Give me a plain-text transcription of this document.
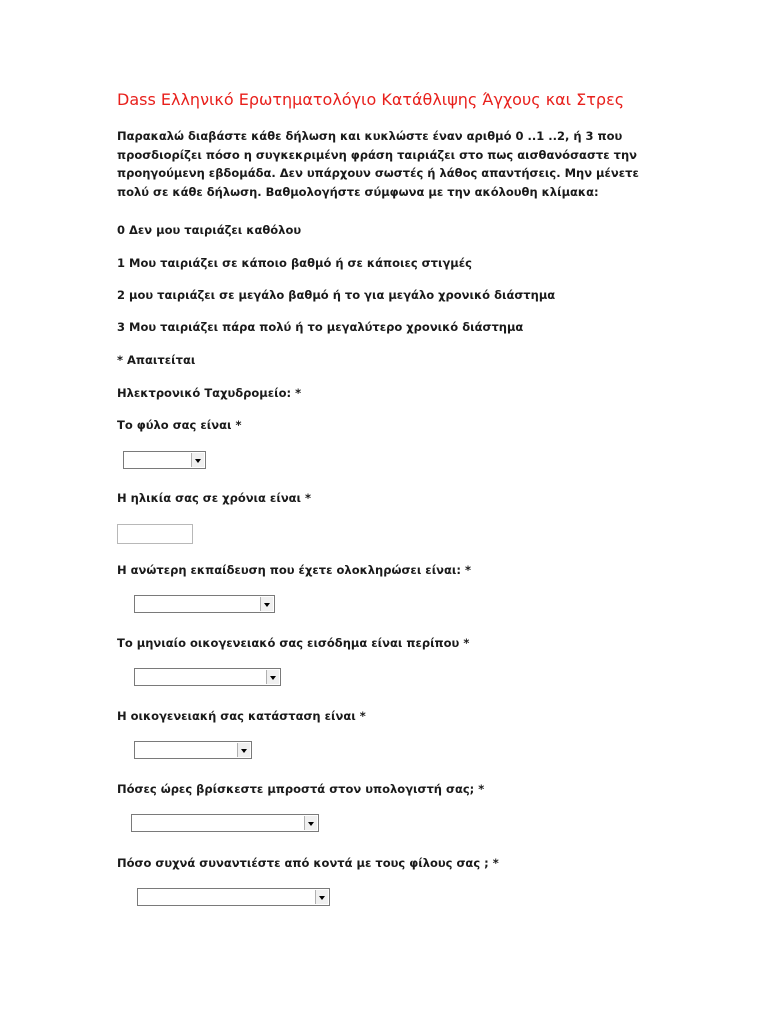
Dass Ελληνικό Ερωτηματολόγιο Κατάθλιψης Άγχους και Στρες

Παρακαλώ διαβάστε κάθε δήλωση και κυκλώστε έναν αριθμό 0 ..1 ..2, ή 3 που προσδιορίζει πόσο η συγκεκριμένη φράση ταιριάζει στο πως αισθανόσαστε την προηγούμενη εβδομάδα. Δεν υπάρχουν σωστές ή λάθος απαντήσεις. Μην μένετε πολύ σε κάθε δήλωση. Βαθμολογήστε σύμφωνα με την ακόλουθη κλίμακα:

0 Δεν μου ταιριάζει καθόλου
1 Μου ταιριάζει σε κάποιο βαθμό ή σε κάποιες στιγμές
2 μου ταιριάζει σε μεγάλο βαθμό ή το για μεγάλο χρονικό διάστημα
3 Μου ταιριάζει πάρα πολύ ή το μεγαλύτερο χρονικό διάστημα
* Απαιτείται
Ηλεκτρονικό Ταχυδρομείο: *
Το φύλο σας είναι *
Η ηλικία σας σε χρόνια είναι *
Η ανώτερη εκπαίδευση που έχετε ολοκληρώσει είναι: *
Το μηνιαίο οικογενειακό σας εισόδημα είναι περίπου *
Η οικογενειακή σας κατάσταση είναι *
Πόσες ώρες βρίσκεστε μπροστά στον υπολογιστή σας; *
Πόσο συχνά συναντιέστε από κοντά με τους φίλους σας ; *
